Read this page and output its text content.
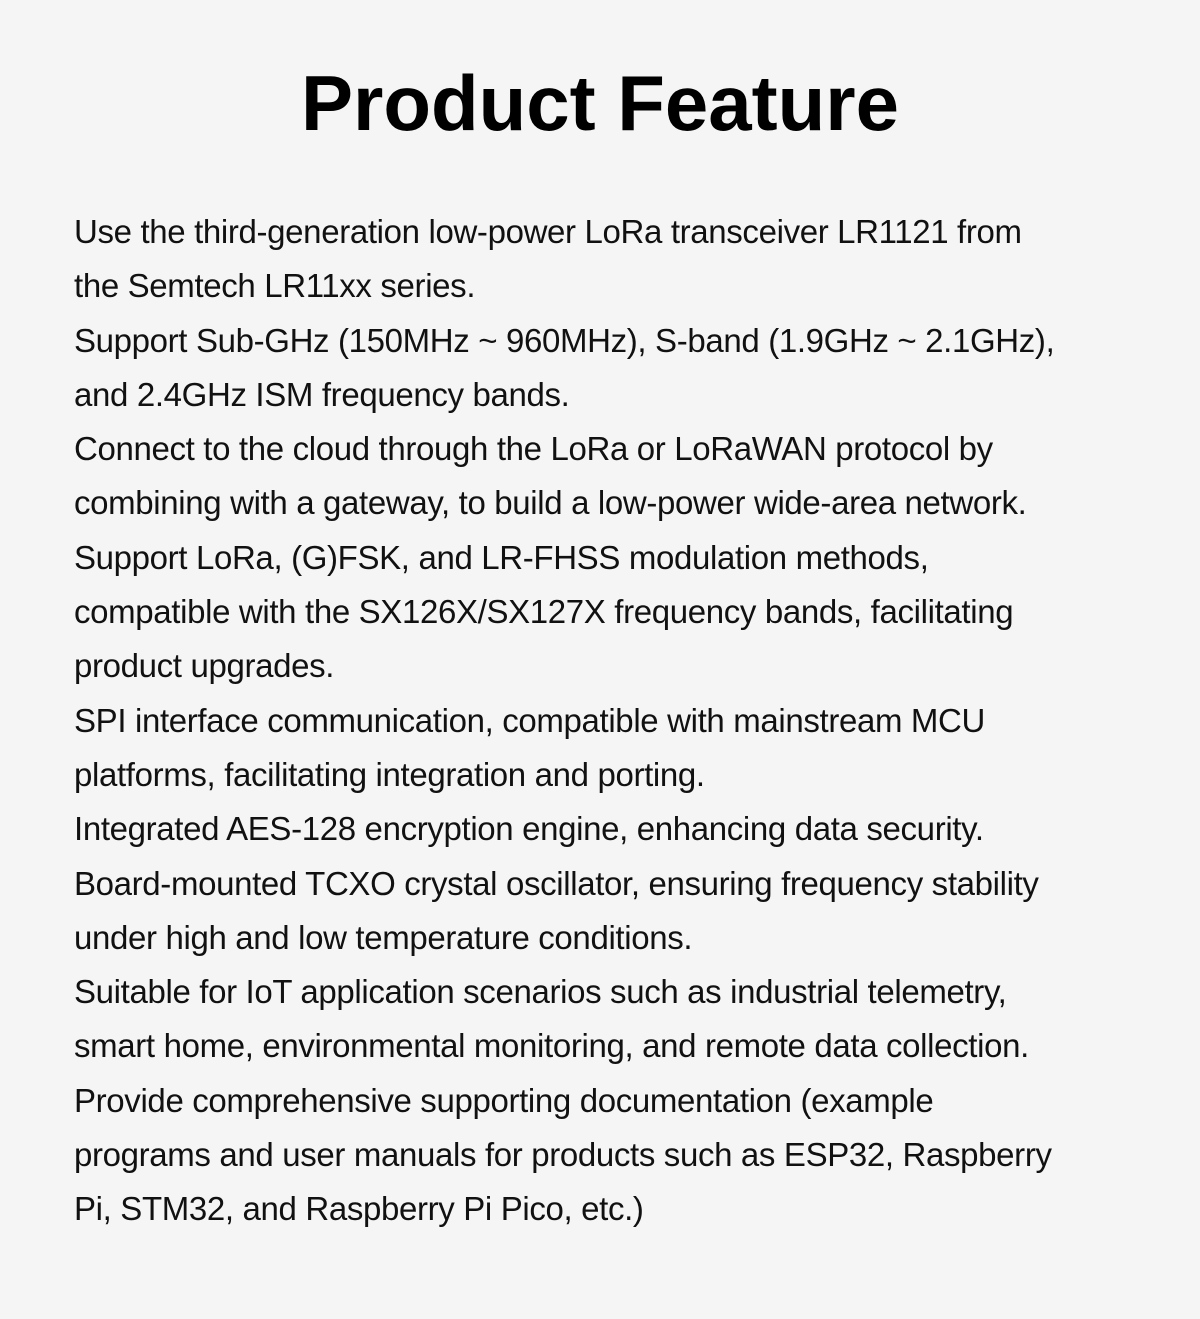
Product Feature
Use the third-generation low-power LoRa transceiver LR1121 from
the Semtech LR11xx series.
Support Sub-GHz (150MHz ~ 960MHz), S-band (1.9GHz ~ 2.1GHz),
and 2.4GHz ISM frequency bands.
Connect to the cloud through the LoRa or LoRaWAN protocol by
combining with a gateway, to build a low-power wide-area network.
Support LoRa, (G)FSK, and LR-FHSS modulation methods,
compatible with the SX126X/SX127X frequency bands, facilitating
product upgrades.
SPI interface communication, compatible with mainstream MCU
platforms, facilitating integration and porting.
Integrated AES-128 encryption engine, enhancing data security.
Board-mounted TCXO crystal oscillator, ensuring frequency stability
under high and low temperature conditions.
Suitable for IoT application scenarios such as industrial telemetry,
smart home, environmental monitoring, and remote data collection.
Provide comprehensive supporting documentation (example
programs and user manuals for products such as ESP32, Raspberry
Pi, STM32, and Raspberry Pi Pico, etc.)
